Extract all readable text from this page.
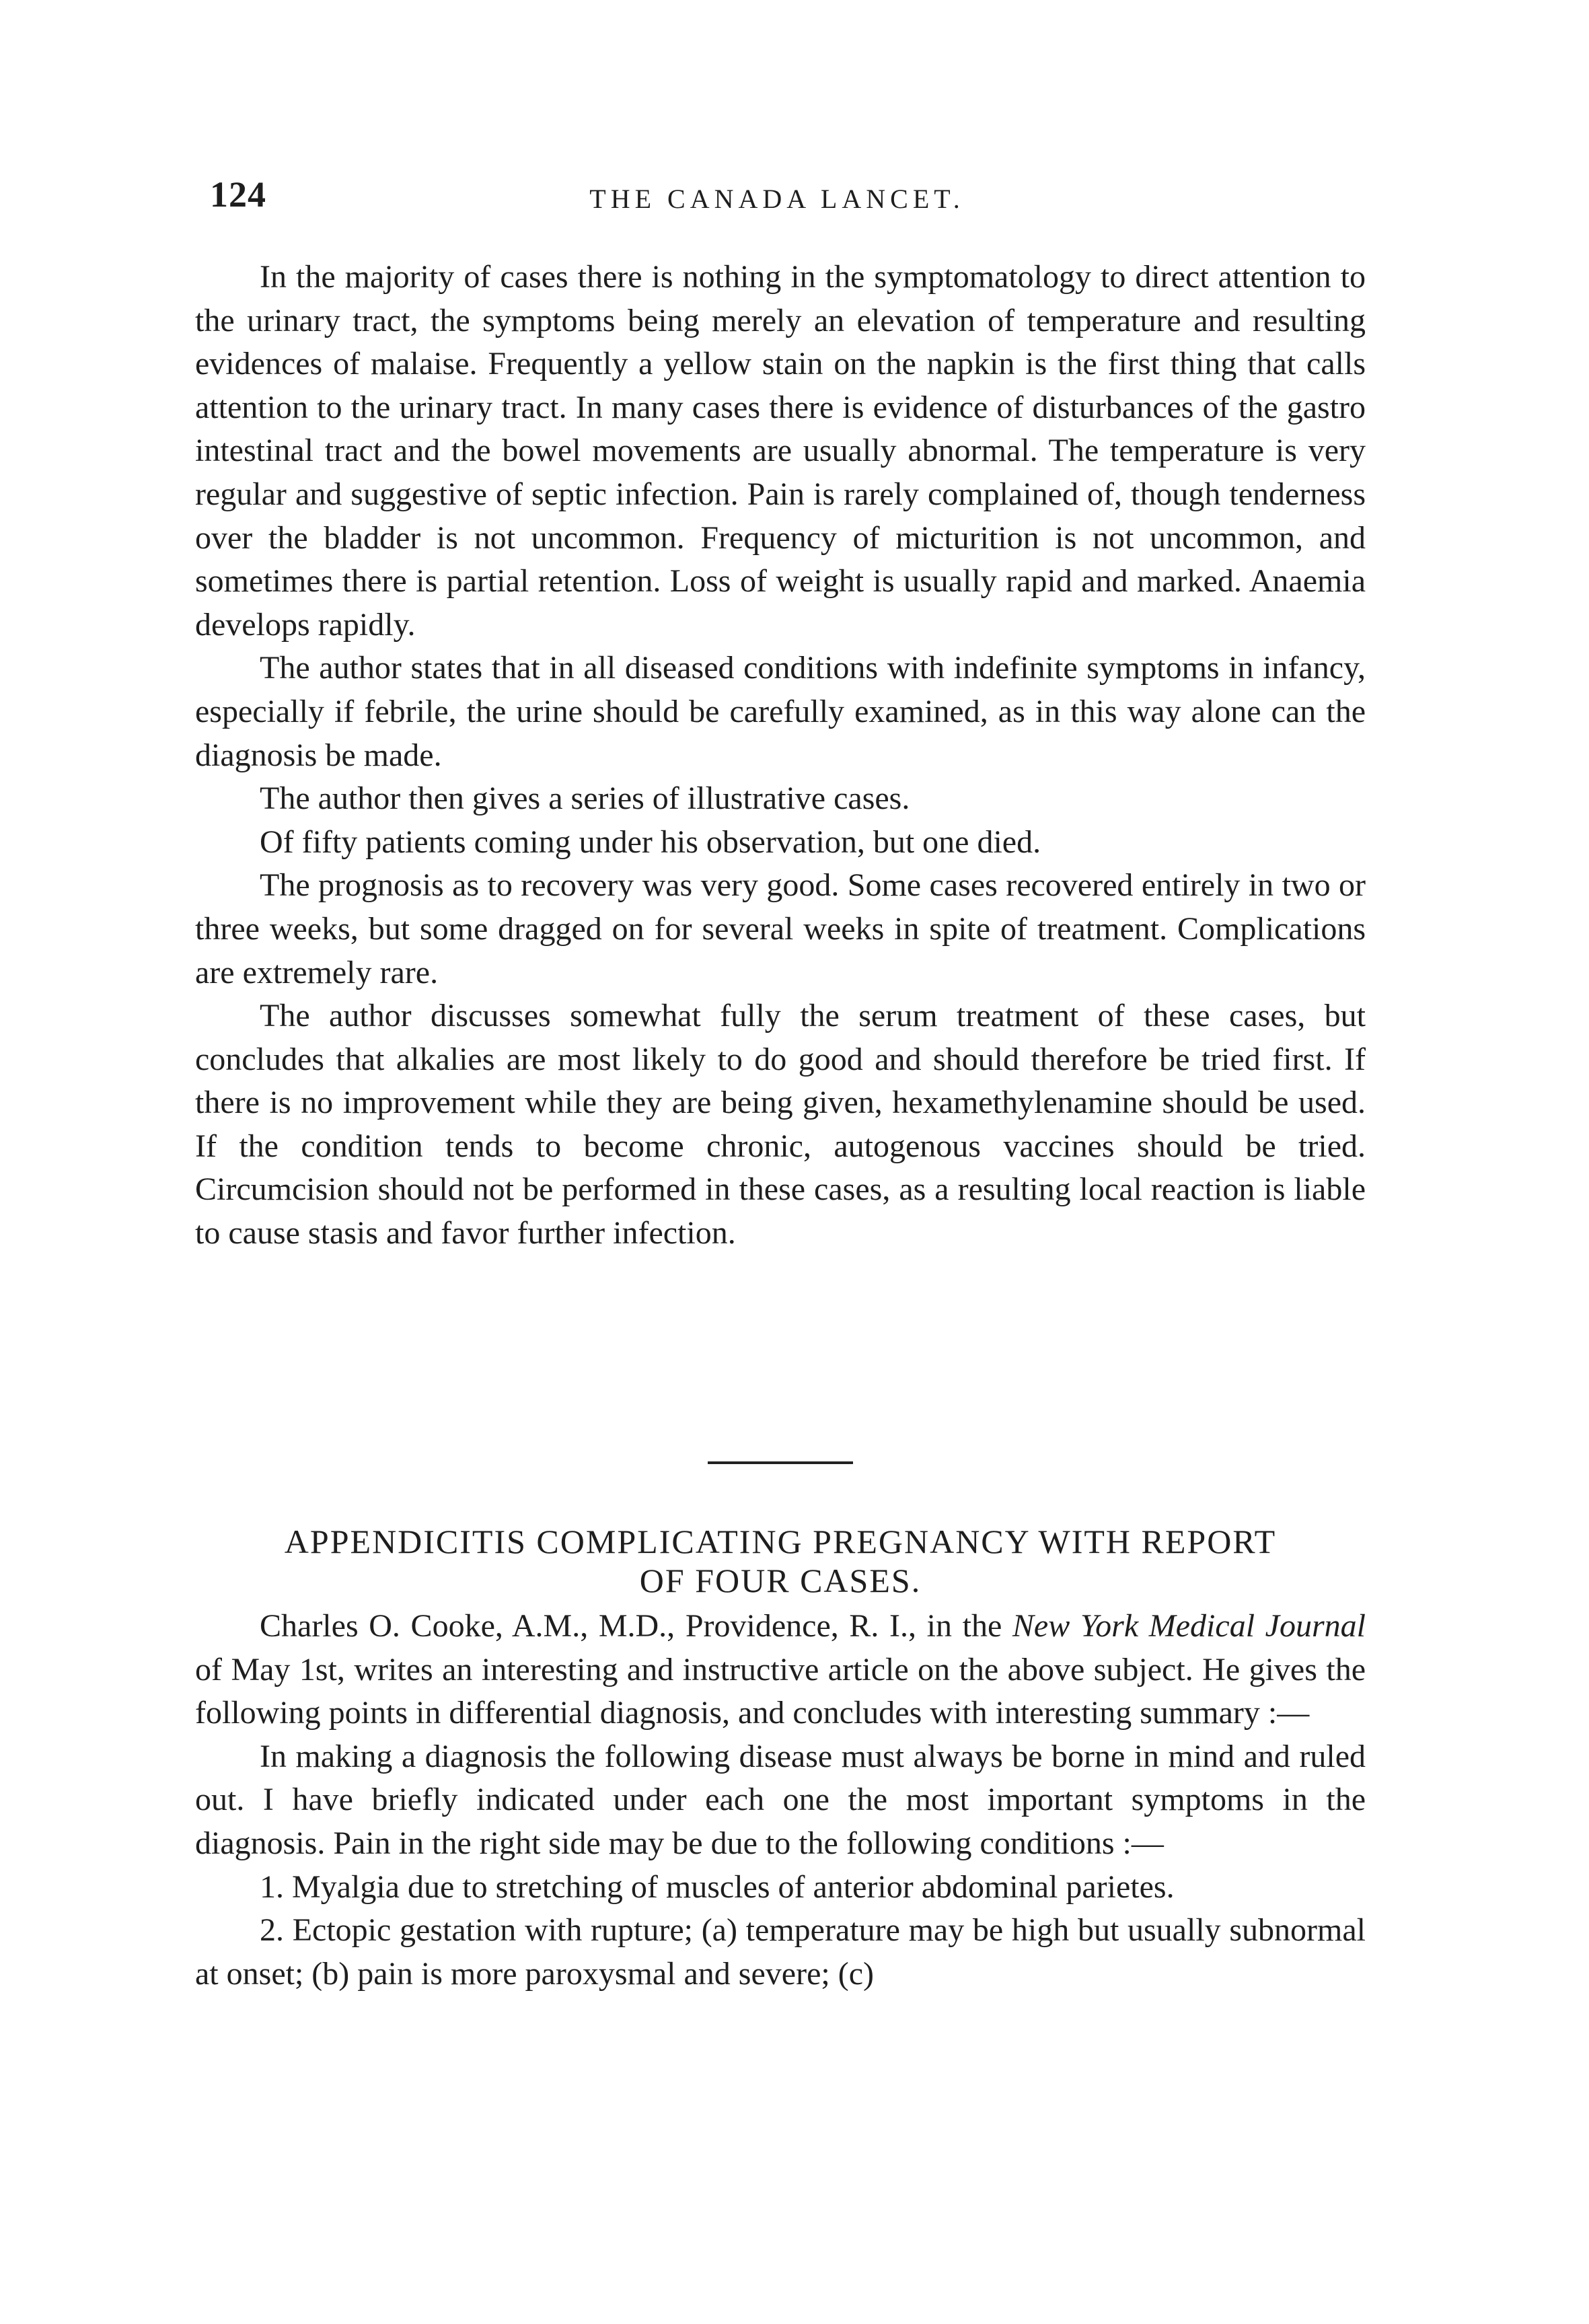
124	THE CANADA LANCET.

In the majority of cases there is nothing in the symptomatology to direct attention to the urinary tract, the symptoms being merely an elevation of temperature and resulting evidences of malaise. Frequently a yellow stain on the napkin is the first thing that calls attention to the urinary tract. In many cases there is evidence of disturbances of the gastro intestinal tract and the bowel movements are usually abnormal. The temperature is very regular and suggestive of septic infection. Pain is rarely complained of, though tenderness over the bladder is not uncommon. Frequency of micturition is not uncommon, and sometimes there is partial retention. Loss of weight is usually rapid and marked. Anaemia develops rapidly.

The author states that in all diseased conditions with indefinite symptoms in infancy, especially if febrile, the urine should be carefully examined, as in this way alone can the diagnosis be made.

The author then gives a series of illustrative cases.

Of fifty patients coming under his observation, but one died.

The prognosis as to recovery was very good. Some cases recovered entirely in two or three weeks, but some dragged on for several weeks in spite of treatment. Complications are extremely rare.

The author discusses somewhat fully the serum treatment of these cases, but concludes that alkalies are most likely to do good and should therefore be tried first. If there is no improvement while they are being given, hexamethylenamine should be used. If the condition tends to become chronic, autogenous vaccines should be tried. Circumcision should not be performed in these cases, as a resulting local reaction is liable to cause stasis and favor further infection.

APPENDICITIS COMPLICATING PREGNANCY WITH REPORT
OF FOUR CASES.

Charles O. Cooke, A.M., M.D., Providence, R. I., in the New York Medical Journal of May 1st, writes an interesting and instructive article on the above subject. He gives the following points in differential diagnosis, and concludes with interesting summary :—

In making a diagnosis the following disease must always be borne in mind and ruled out. I have briefly indicated under each one the most important symptoms in the diagnosis. Pain in the right side may be due to the following conditions :—

1. Myalgia due to stretching of muscles of anterior abdominal parietes.

2. Ectopic gestation with rupture; (a) temperature may be high but usually subnormal at onset; (b) pain is more paroxysmal and severe; (c)
